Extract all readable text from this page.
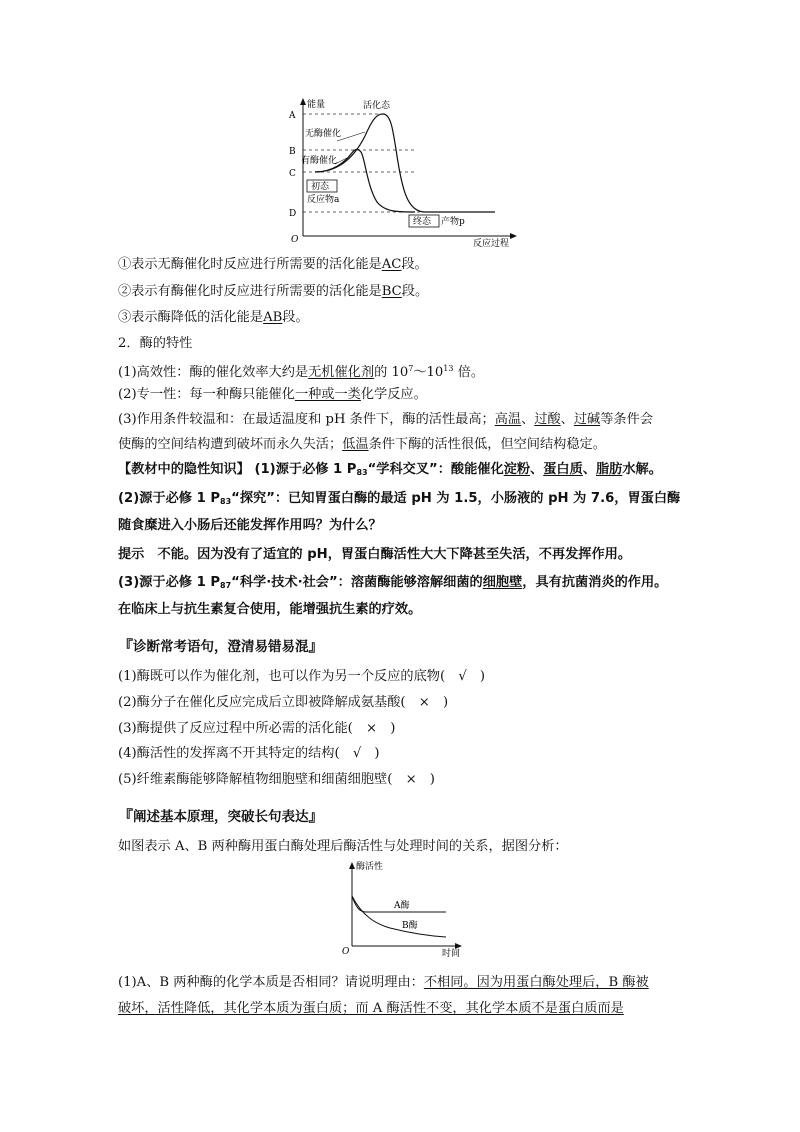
A
B
C
D
O
能量
反应过程
活化态
无酶催化
有酶催化
初态
反应物a
终态 产物p
①表示无酶催化时反应进行所需要的活化能是AC段。
②表示有酶催化时反应进行所需要的活化能是BC段。
③表示酶降低的活化能是AB段。
2．酶的特性
(1)高效性：酶的催化效率大约是无机催化剂的 $10^7\sim 10^{13}$ 倍。
(2)专一性：每一种酶只能催化一种或一类化学反应。
(3)作用条件较温和：在最适温度和 pH 条件下，酶的活性最高；高温、过酸、过碱等条件会
使酶的空间结构遭到破坏而永久失活；低温条件下酶的活性很低，但空间结构稳定。
【教材中的隐性知识】 (1)源于必修 1 $P_{83}“$学科交叉”：酸能催化淀粉、蛋白质、脂肪水解。
(2)源于必修 1 $P_{83}“$探究”：已知胃蛋白酶的最适 pH 为 1.5，小肠液的 pH 为 7.6，胃蛋白酶
随食糜进入小肠后还能发挥作用吗？为什么？
提示　不能。因为没有了适宜的 pH，胃蛋白酶活性大大下降甚至失活，不再发挥作用。
(3)源于必修 1 $P_{87}“$科学·技术·社会”：溶菌酶能够溶解细菌的细胞壁，具有抗菌消炎的作用。
在临床上与抗生素复合使用，能增强抗生素的疗效。
『诊断常考语句，澄清易错易混』
(1)酶既可以作为催化剂，也可以作为另一个反应的底物(　√　)
(2)酶分子在催化反应完成后立即被降解成氨基酸(　×　)
(3)酶提供了反应过程中所必需的活化能(　×　)
(4)酶活性的发挥离不开其特定的结构(　√　)
(5)纤维素酶能够降解植物细胞壁和细菌细胞壁(　×　)
『阐述基本原理，突破长句表达』
如图表示 A、B 两种酶用蛋白酶处理后酶活性与处理时间的关系，据图分析：
酶活性
时间
O
A酶
B酶
(1)A、B 两种酶的化学本质是否相同？请说明理由：不相同。因为用蛋白酶处理后，B 酶被
破坏，活性降低，其化学本质为蛋白质；而 A 酶活性不变，其化学本质不是蛋白质而是
